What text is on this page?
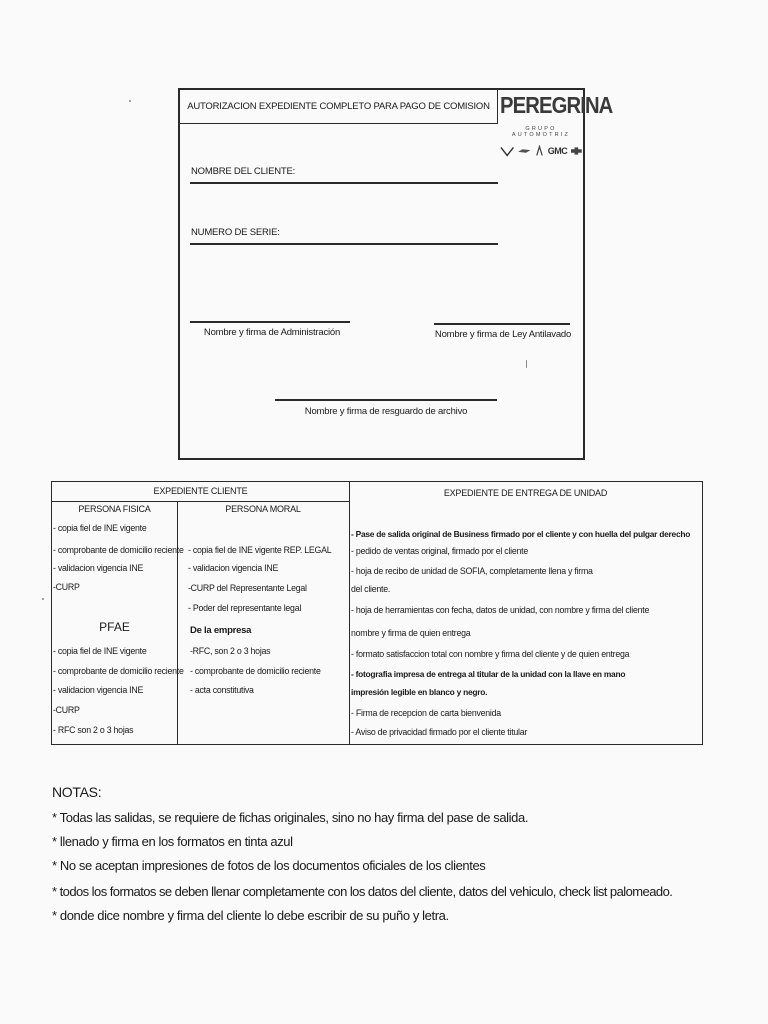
AUTORIZACION EXPEDIENTE COMPLETO PARA PAGO DE COMISION PEREGRINA
GRUPO AUTOMOTRIZ
GMC
NOMBRE DEL CLIENTE:
NUMERO DE SERIE:
Nombre y firma de Administración	Nombre y firma de Ley Antilavado
Nombre y firma de resguardo de archivo
EXPEDIENTE CLIENTE	EXPEDIENTE DE ENTREGA DE UNIDAD
PERSONA FISICA	PERSONA MORAL
- copia fiel de INE vigente
- comprobante de domicilio reciente
- validacion vigencia INE
-CURP
PFAE
- copia fiel de INE vigente
- comprobante de domicilio reciente
- validacion vigencia INE
-CURP
- RFC son 2 o 3 hojas
- copia fiel de INE vigente REP. LEGAL
- validacion vigencia INE
-CURP del Representante Legal
- Poder del representante legal
De la empresa
-RFC, son 2 o 3 hojas
- comprobante de domicilio reciente
- acta constitutiva
- Pase de salida original de Business firmado por el cliente y con huella del pulgar derecho
- pedido de ventas original, firmado por el cliente
- hoja de recibo de unidad de SOFIA, completamente llena y firma
del cliente.
- hoja de herramientas con fecha, datos de unidad, con nombre y firma del cliente
nombre y firma de quien entrega
- formato satisfaccion total con nombre y firma del cliente y de quien entrega
- fotografia impresa de entrega al titular de la unidad con la llave en mano
impresión legible en blanco y negro.
- Firma de recepcion de carta bienvenida
- Aviso de privacidad firmado por el cliente titular
NOTAS:
* Todas las salidas, se requiere de fichas originales, sino no hay firma del pase de salida.
* llenado y firma en los formatos en tinta azul
* No se aceptan impresiones de fotos de los documentos oficiales de los clientes
* todos los formatos se deben llenar completamente con los datos del cliente, datos del vehiculo, check list palomeado.
* donde dice nombre y firma del cliente lo debe escribir de su puño y letra.
